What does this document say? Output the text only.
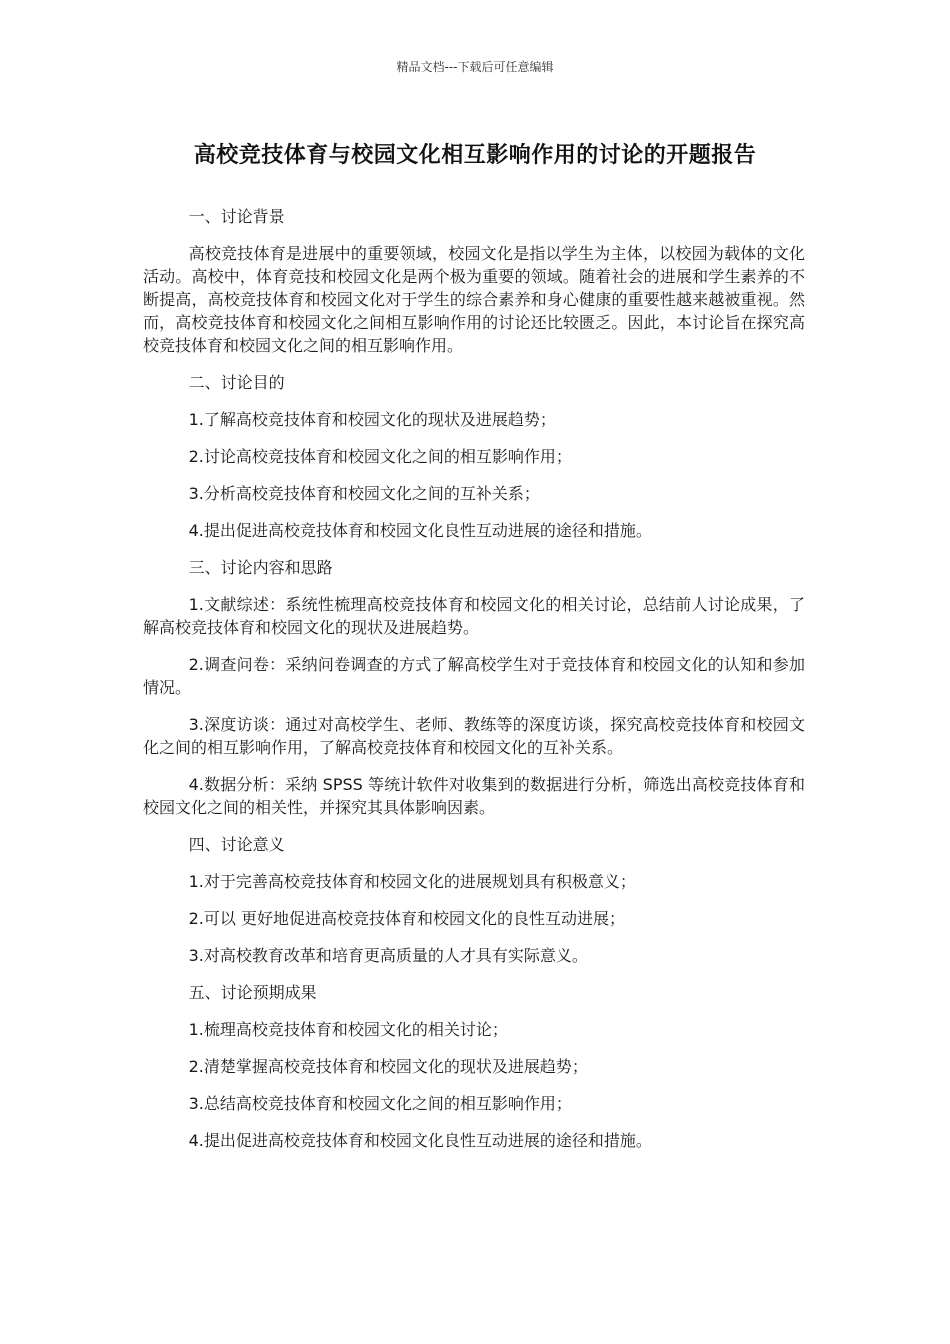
精品文档---下载后可任意编辑
高校竞技体育与校园文化相互影响作用的讨论的开题报告

一、讨论背景

高校竞技体育是进展中的重要领域，校园文化是指以学生为主体，以校园为载体的文化活动。高校中，体育竞技和校园文化是两个极为重要的领域。随着社会的进展和学生素养的不断提高，高校竞技体育和校园文化对于学生的综合素养和身心健康的重要性越来越被重视。然而，高校竞技体育和校园文化之间相互影响作用的讨论还比较匮乏。因此，本讨论旨在探究高校竞技体育和校园文化之间的相互影响作用。

二、讨论目的

1.了解高校竞技体育和校园文化的现状及进展趋势；

2.讨论高校竞技体育和校园文化之间的相互影响作用；

3.分析高校竞技体育和校园文化之间的互补关系；

4.提出促进高校竞技体育和校园文化良性互动进展的途径和措施。

三、讨论内容和思路

1.文献综述：系统性梳理高校竞技体育和校园文化的相关讨论，总结前人讨论成果，了解高校竞技体育和校园文化的现状及进展趋势。

2.调查问卷：采纳问卷调查的方式了解高校学生对于竞技体育和校园文化的认知和参加情况。

3.深度访谈：通过对高校学生、老师、教练等的深度访谈，探究高校竞技体育和校园文化之间的相互影响作用，了解高校竞技体育和校园文化的互补关系。

4.数据分析：采纳 SPSS 等统计软件对收集到的数据进行分析，筛选出高校竞技体育和校园文化之间的相关性，并探究其具体影响因素。

四、讨论意义

1.对于完善高校竞技体育和校园文化的进展规划具有积极意义；

2.可以 更好地促进高校竞技体育和校园文化的良性互动进展；

3.对高校教育改革和培育更高质量的人才具有实际意义。

五、讨论预期成果

1.梳理高校竞技体育和校园文化的相关讨论；

2.清楚掌握高校竞技体育和校园文化的现状及进展趋势；

3.总结高校竞技体育和校园文化之间的相互影响作用；

4.提出促进高校竞技体育和校园文化良性互动进展的途径和措施。
